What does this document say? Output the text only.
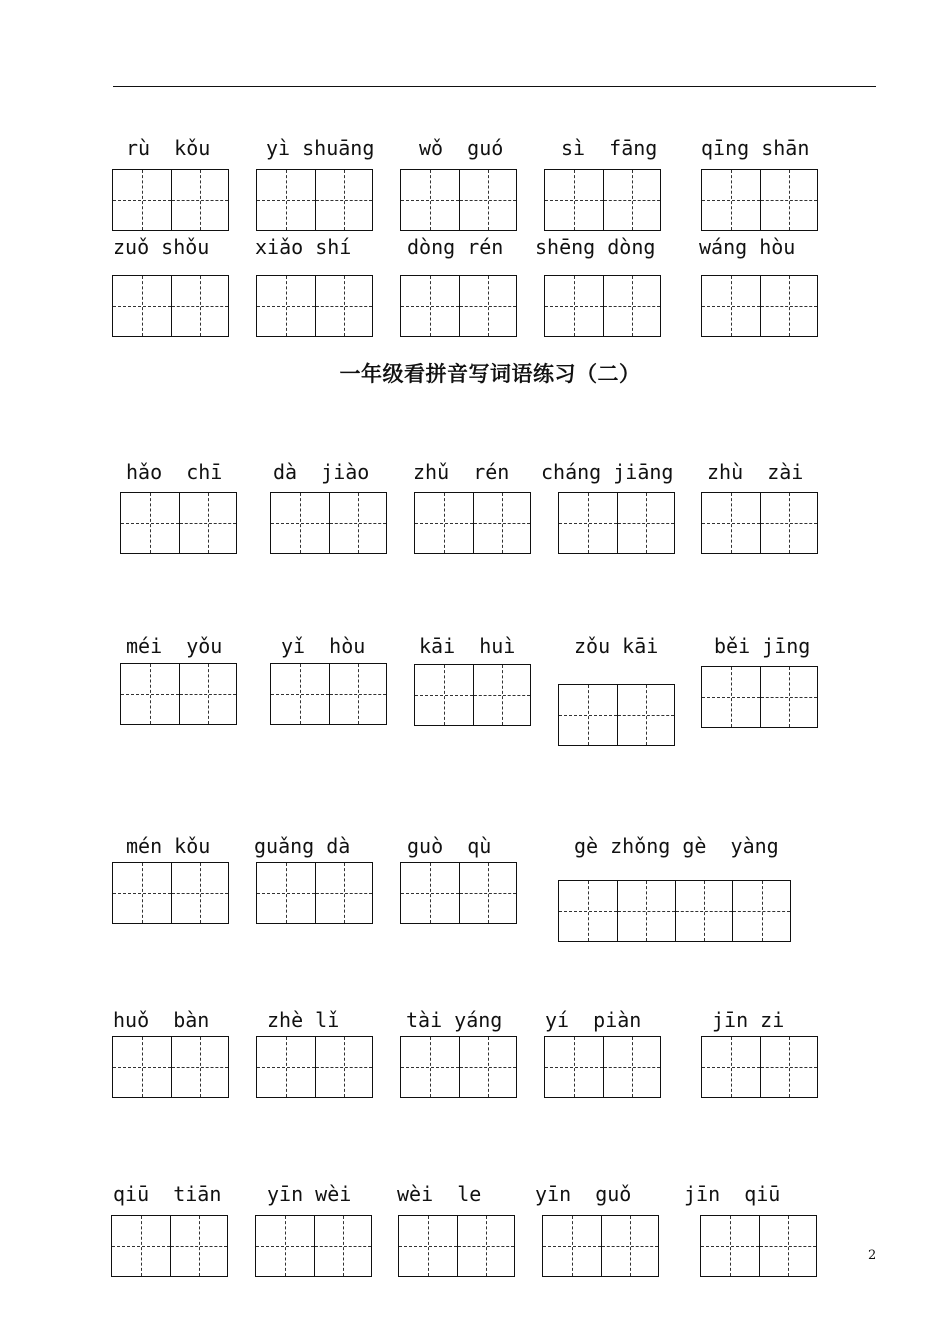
一年级看拼音写词语练习（二）
rù  kǒu	yì shuāng wǒ  guó	sì  fāng qīng shān
zuǒ shǒu xiǎo shí	dòng rén shēng dòng wáng hòu
hǎo  chī	dà  jiào zhǔ  rén cháng jiāng zhù  zài
méi  yǒu	yǐ  hòu	kāi  huì	zǒu kāi	běi jīng
mén kǒu guǎng dà	guò  qù	gè zhǒng gè  yàng
huǒ  bàn	zhè lǐ	tài yáng yí  piàn	jīn zi
qiū  tiān yīn wèi wèi  le	yīn  guǒ	jīn  qiū
2
